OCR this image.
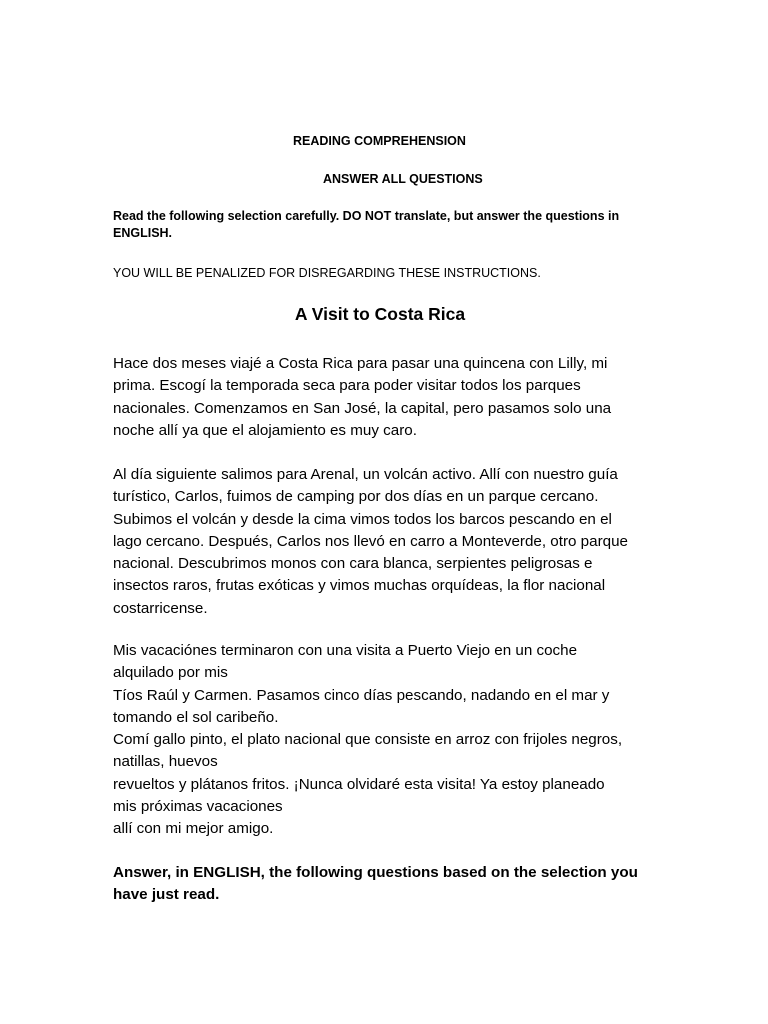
READING COMPREHENSION
ANSWER ALL QUESTIONS
Read the following selection carefully. DO NOT translate, but answer the questions in ENGLISH.
YOU WILL BE PENALIZED FOR DISREGARDING THESE INSTRUCTIONS.
A Visit to Costa Rica
Hace dos meses viajé a Costa Rica para pasar una quincena con Lilly, mi
prima. Escogí la temporada seca para poder visitar todos los parques
nacionales. Comenzamos en San José, la capital, pero pasamos solo una
noche allí ya que el alojamiento es muy caro.
Al día siguiente salimos para Arenal, un volcán activo. Allí con nuestro guía
turístico, Carlos, fuimos de camping por dos días en un parque cercano.
Subimos el volcán y desde la cima vimos todos los barcos pescando en el
lago cercano. Después, Carlos nos llevó en carro a Monteverde, otro parque
nacional. Descubrimos monos con cara blanca, serpientes peligrosas e
insectos raros, frutas exóticas y vimos muchas orquídeas, la flor nacional
costarricense.
Mis vacaciónes terminaron con una visita a Puerto Viejo en un coche
alquilado por mis
Tíos Raúl y Carmen. Pasamos cinco días pescando, nadando en el mar y
tomando el sol caribeño.
Comí gallo pinto, el plato nacional que consiste en arroz con frijoles negros,
natillas, huevos
revueltos y plátanos fritos. ¡Nunca olvidaré esta visita! Ya estoy planeado
mis próximas vacaciones
allí con mi mejor amigo.
Answer, in ENGLISH, the following questions based on the selection you
have just read.
